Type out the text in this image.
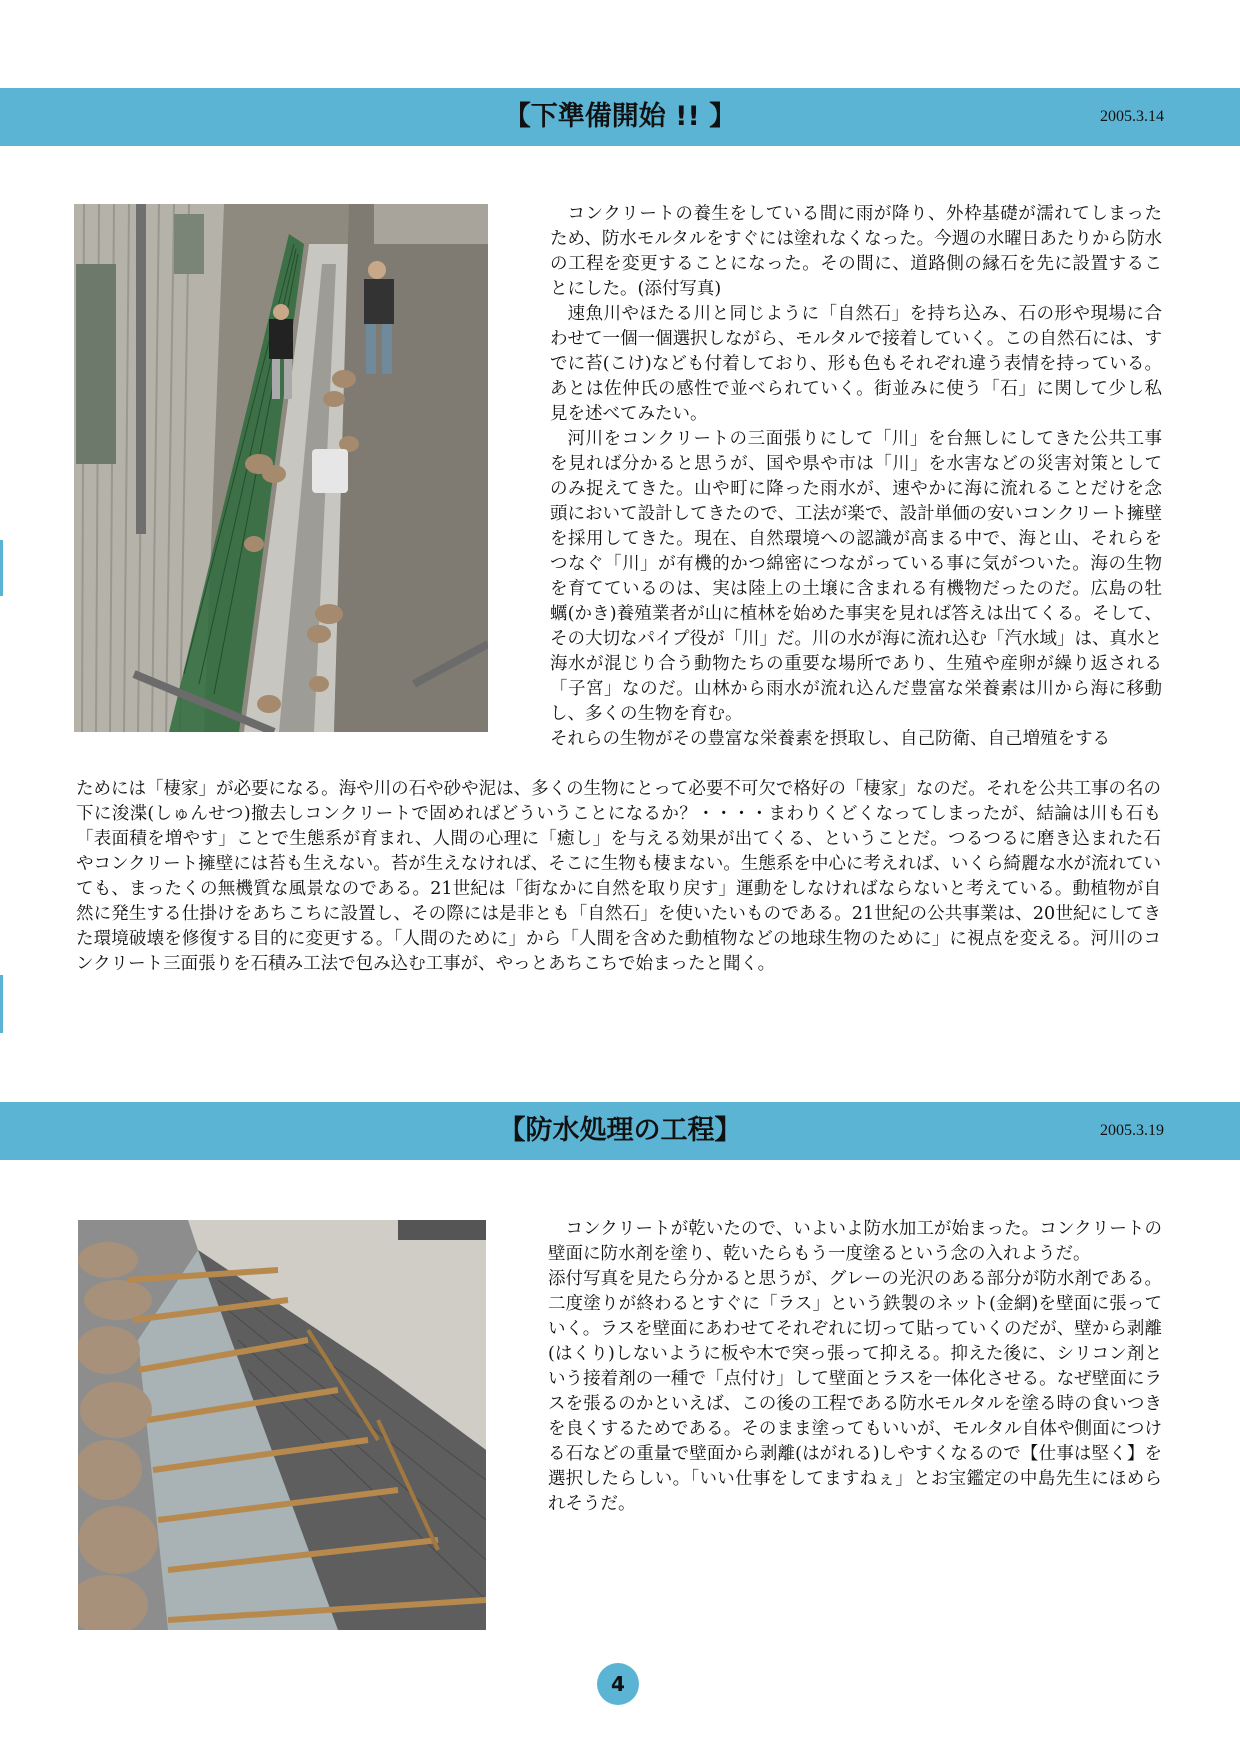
【下準備開始 !! 】	2005.3.14

コンクリートの養生をしている間に雨が降り、外枠基礎が濡れてしまったため、防水モルタルをすぐには塗れなくなった。今週の水曜日あたりから防水の工程を変更することになった。その間に、道路側の縁石を先に設置することにした。(添付写真)

速魚川やほたる川と同じように「自然石」を持ち込み、石の形や現場に合わせて一個一個選択しながら、モルタルで接着していく。この自然石には、すでに苔(こけ)なども付着しており、形も色もそれぞれ違う表情を持っている。あとは佐仲氏の感性で並べられていく。街並みに使う「石」に関して少し私見を述べてみたい。

河川をコンクリートの三面張りにして「川」を台無しにしてきた公共工事を見れば分かると思うが、国や県や市は「川」を水害などの災害対策としてのみ捉えてきた。山や町に降った雨水が、速やかに海に流れることだけを念頭において設計してきたので、工法が楽で、設計単価の安いコンクリート擁壁を採用してきた。現在、自然環境への認識が高まる中で、海と山、それらをつなぐ「川」が有機的かつ綿密につながっている事に気がついた。海の生物を育てているのは、実は陸上の土壌に含まれる有機物だったのだ。広島の牡蠣(かき)養殖業者が山に植林を始めた事実を見れば答えは出てくる。そして、その大切なパイプ役が「川」だ。川の水が海に流れ込む「汽水域」は、真水と海水が混じり合う動物たちの重要な場所であり、生殖や産卵が繰り返される「子宮」なのだ。山林から雨水が流れ込んだ豊富な栄養素は川から海に移動し、多くの生物を育む。

それらの生物がその豊富な栄養素を摂取し、自己防衛、自己増殖をする

ためには「棲家」が必要になる。海や川の石や砂や泥は、多くの生物にとって必要不可欠で格好の「棲家」なのだ。それを公共工事の名の下に浚渫(しゅんせつ)撤去しコンクリートで固めればどういうことになるか？・・・・まわりくどくなってしまったが、結論は川も石も「表面積を増やす」ことで生態系が育まれ、人間の心理に「癒し」を与える効果が出てくる、ということだ。つるつるに磨き込まれた石やコンクリート擁壁には苔も生えない。苔が生えなければ、そこに生物も棲まない。生態系を中心に考えれば、いくら綺麗な水が流れていても、まったくの無機質な風景なのである。21世紀は「街なかに自然を取り戻す」運動をしなければならないと考えている。動植物が自然に発生する仕掛けをあちこちに設置し、その際には是非とも「自然石」を使いたいものである。21世紀の公共事業は、20世紀にしてきた環境破壊を修復する目的に変更する。「人間のために」から「人間を含めた動植物などの地球生物のために」に視点を変える。河川のコンクリート三面張りを石積み工法で包み込む工事が、やっとあちこちで始まったと聞く。
【防水処理の工程】	2005.3.19

コンクリートが乾いたので、いよいよ防水加工が始まった。コンクリートの壁面に防水剤を塗り、乾いたらもう一度塗るという念の入れようだ。

添付写真を見たら分かると思うが、グレーの光沢のある部分が防水剤である。二度塗りが終わるとすぐに「ラス」という鉄製のネット(金網)を壁面に張っていく。ラスを壁面にあわせてそれぞれに切って貼っていくのだが、壁から剥離(はくり)しないように板や木で突っ張って抑える。抑えた後に、シリコン剤という接着剤の一種で「点付け」して壁面とラスを一体化させる。なぜ壁面にラスを張るのかといえば、この後の工程である防水モルタルを塗る時の食いつきを良くするためである。そのまま塗ってもいいが、モルタル自体や側面につける石などの重量で壁面から剥離(はがれる)しやすくなるので【仕事は堅く】を選択したらしい。「いい仕事をしてますねぇ」とお宝鑑定の中島先生にほめられそうだ。

4
